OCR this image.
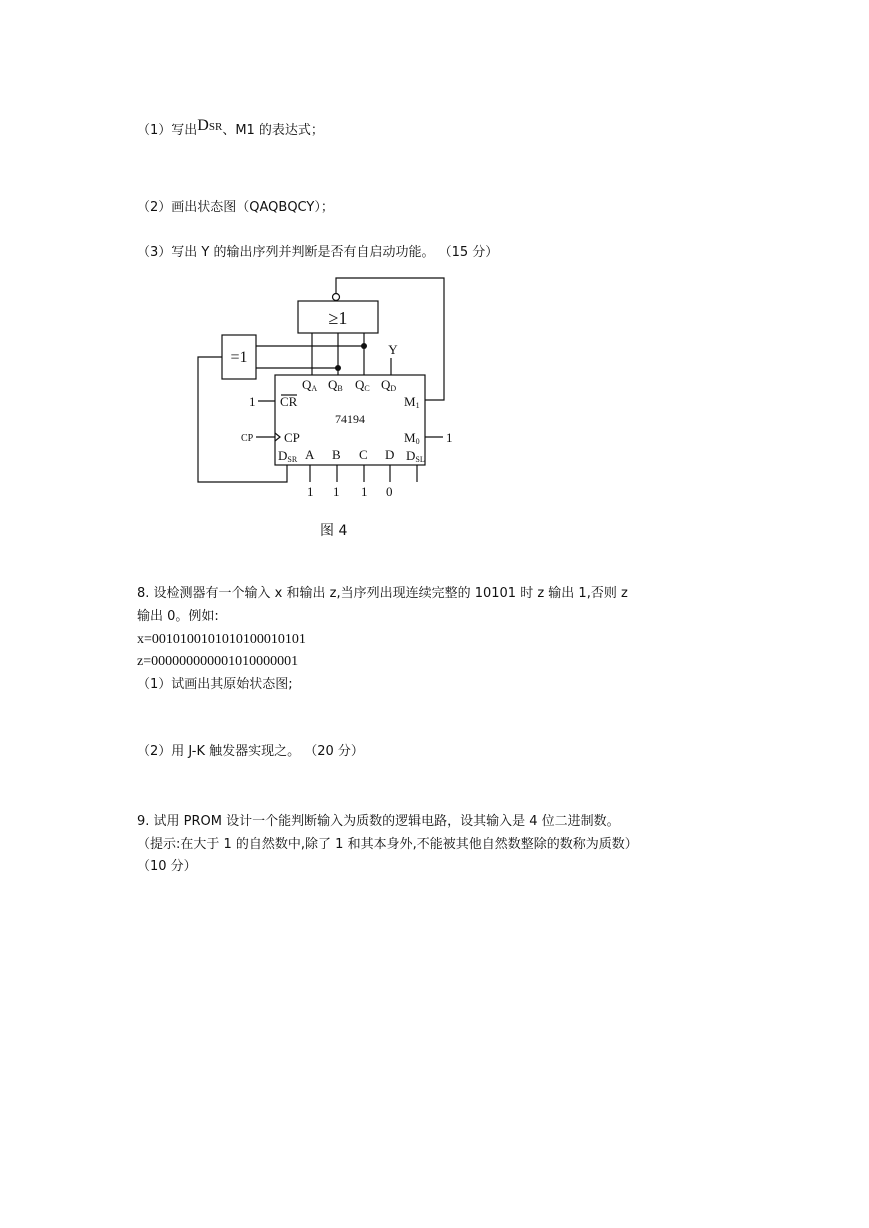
（1）写出$D^{SR}$、M1 的表达式；
（2）画出状态图（QAQBQCY）；
（3）写出 Y 的输出序列并判断是否有自启动功能。 （15 分）
≥1
=1	Y
QA QB QC QD
CR	M1
74194
CP	M0
DSR A B C D DSL
1
CP	1
1 1 1 0
图 4
8. 设检测器有一个输入 x 和输出 z,当序列出现连续完整的 10101 时 z 输出 1,否则 z
输出 0。例如:
x=0010100101010100010101
z=000000000001010000001
（1）试画出其原始状态图;
（2）用 J-K 触发器实现之。 （20 分）
9. 试用 PROM 设计一个能判断输入为质数的逻辑电路，设其输入是 4 位二进制数。
（提示:在大于 1 的自然数中,除了 1 和其本身外,不能被其他自然数整除的数称为质数）
（10 分）
